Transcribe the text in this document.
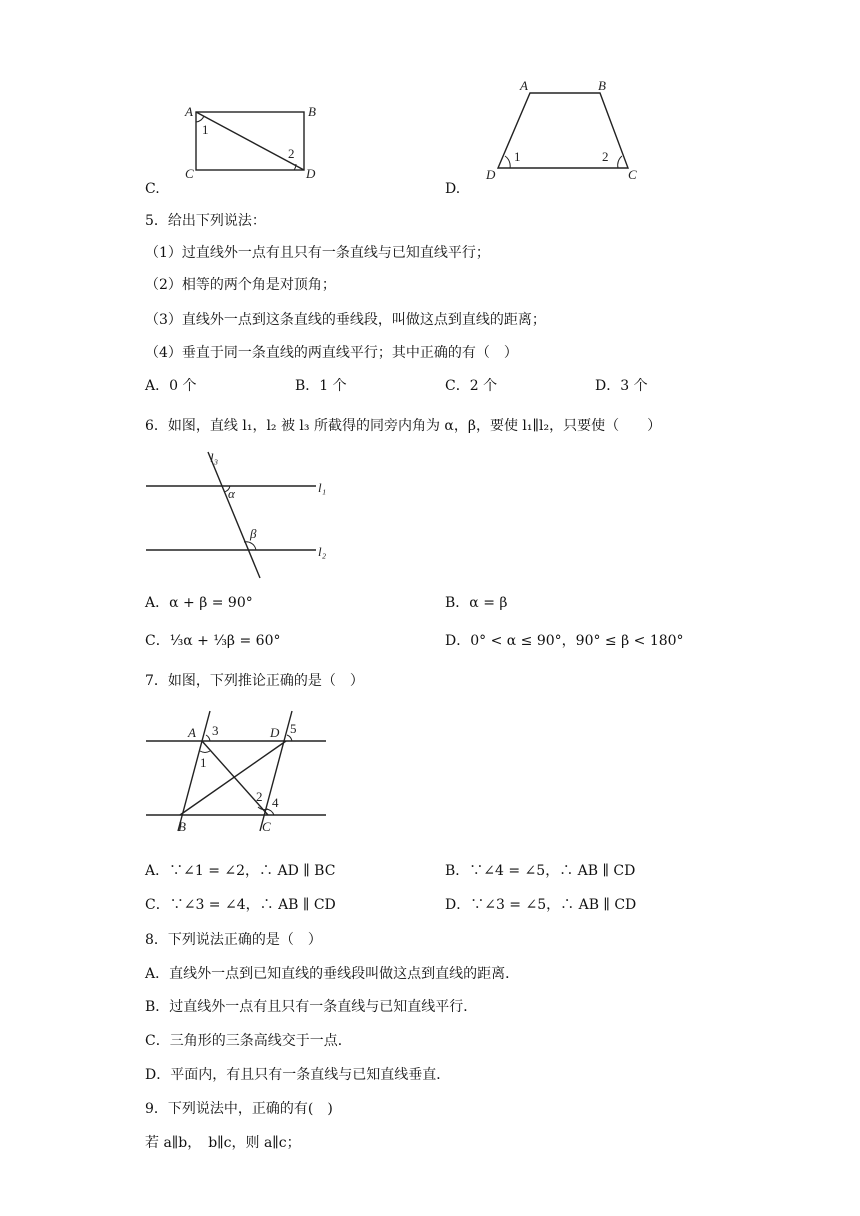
C.
A	B
C	D
1
2
D.
A	B
D	C
1	2
5．给出下列说法：
（1）过直线外一点有且只有一条直线与已知直线平行；
（2）相等的两个角是对顶角；
（3）直线外一点到这条直线的垂线段，叫做这点到直线的距离；
（4）垂直于同一条直线的两直线平行；其中正确的有（　）
A．0 个	B．1 个	C．2 个	D．3 个
6．如图，直线 l₁，l₂ 被 l₃ 所截得的同旁内角为 α，β，要使 l₁∥l₂，只要使（　　）
l₃
l₁
l₂
α
β
A．α + β = 90°	B．α = β
C．⅓α + ⅓β = 60°	D．0° < α ≤ 90°，90° ≤ β < 180°
7．如图，下列推论正确的是（　）
A	D
B	C
3	5
1
2 4
A．∵∠1 = ∠2，∴ AD ∥ BC	B．∵∠4 = ∠5，∴ AB ∥ CD
C．∵∠3 = ∠4，∴ AB ∥ CD	D．∵∠3 = ∠5，∴ AB ∥ CD
8．下列说法正确的是（　）
A．直线外一点到已知直线的垂线段叫做这点到直线的距离．
B．过直线外一点有且只有一条直线与已知直线平行．
C．三角形的三条高线交于一点．
D．平面内，有且只有一条直线与已知直线垂直．
9．下列说法中，正确的有(　)
若 a∥b，　b∥c，则 a∥c；
